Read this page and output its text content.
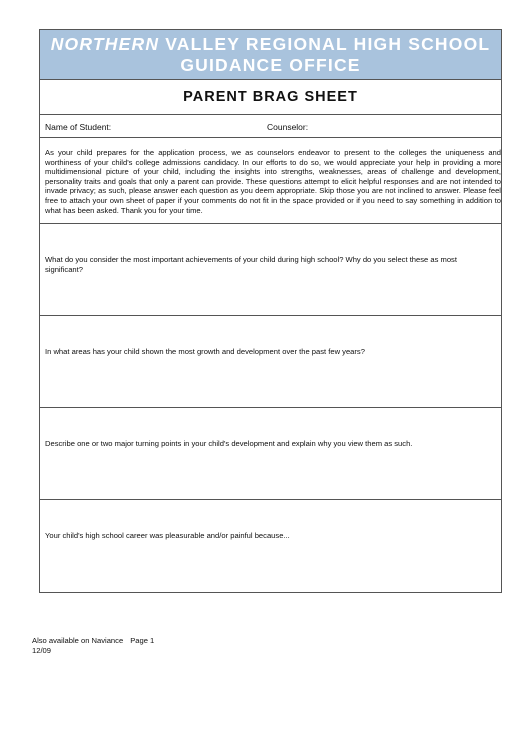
NORTHERN VALLEY REGIONAL HIGH SCHOOL
GUIDANCE OFFICE
PARENT BRAG SHEET
Name of Student:	Counselor:
As your child prepares for the application process, we as counselors endeavor to present to the colleges the uniqueness and worthiness of your child's college admissions candidacy. In our efforts to do so, we would appreciate your help in providing a more multidimensional picture of your child, including the insights into strengths, weaknesses, areas of challenge and development, personality traits and goals that only a parent can provide. These questions attempt to elicit helpful responses and are not intended to invade privacy; as such, please answer each question as you deem appropriate. Skip those you are not inclined to answer. Please feel free to attach your own sheet of paper if your comments do not fit in the space provided or if you need to say something in addition to what has been asked. Thank you for your time.
What do you consider the most important achievements of your child during high school? Why do you select these as most significant?
In what areas has your child shown the most growth and development over the past few years?
Describe one or two major turning points in your child's development and explain why you view them as such.
Your child's high school career was pleasurable and/or painful because...
Also available on Naviance Page 1
12/09
